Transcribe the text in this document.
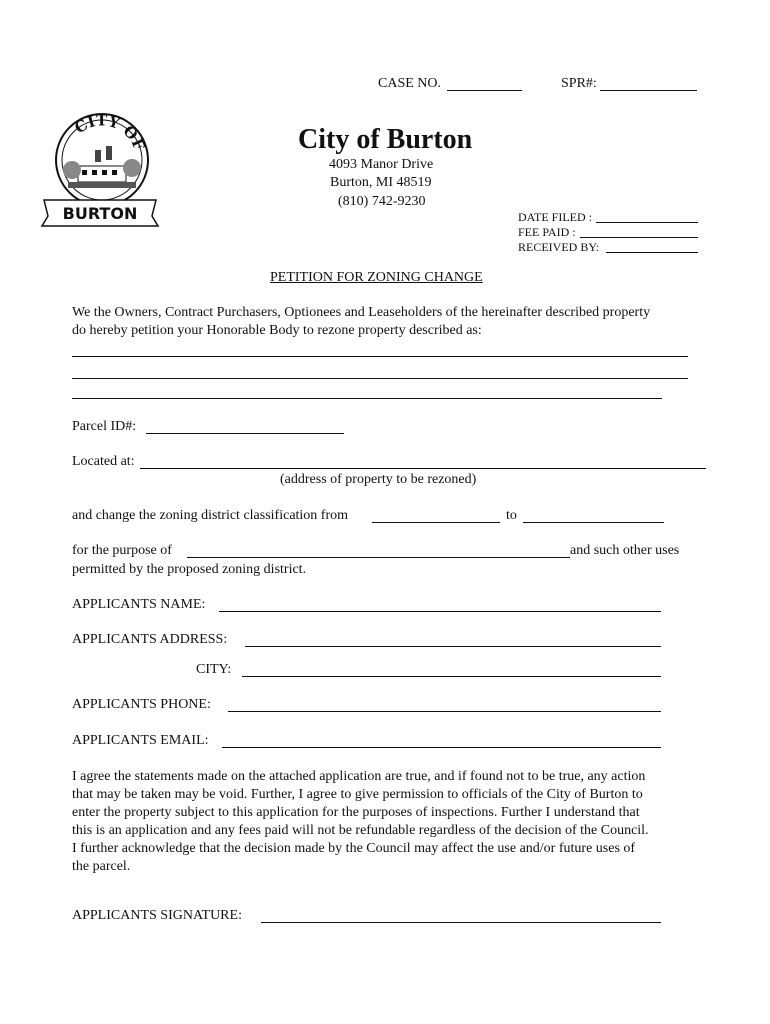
CASE NO.	SPR#:
CITY OF
BURTON
City of Burton
4093 Manor Drive
Burton, MI 48519
(810) 742-9230
DATE FILED :
FEE PAID :
RECEIVED BY:
PETITION FOR ZONING CHANGE
We the Owners, Contract Purchasers, Optionees and Leaseholders of the hereinafter described property
do hereby petition your Honorable Body to rezone property described as:
Parcel ID#:
Located at:
(address of property to be rezoned)
and change the zoning district classification from	to
for the purpose of	and such other uses
permitted by the proposed zoning district.
APPLICANTS NAME:
APPLICANTS ADDRESS:
CITY:
APPLICANTS PHONE:
APPLICANTS EMAIL:
I agree the statements made on the attached application are true, and if found not to be true, any action
that may be taken may be void. Further, I agree to give permission to officials of the City of Burton to
enter the property subject to this application for the purposes of inspections. Further I understand that
this is an application and any fees paid will not be refundable regardless of the decision of the Council.
I further acknowledge that the decision made by the Council may affect the use and/or future uses of
the parcel.
APPLICANTS SIGNATURE:
